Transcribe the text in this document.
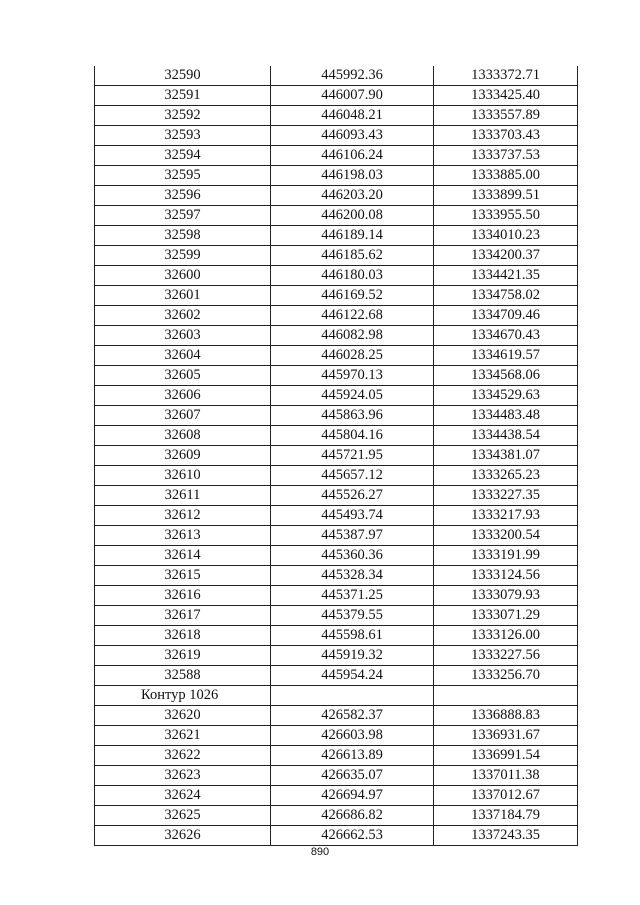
32590	445992.36	1333372.71
32591	446007.90	1333425.40
32592	446048.21	1333557.89
32593	446093.43	1333703.43
32594	446106.24	1333737.53
32595	446198.03	1333885.00
32596	446203.20	1333899.51
32597	446200.08	1333955.50
32598	446189.14	1334010.23
32599	446185.62	1334200.37
32600	446180.03	1334421.35
32601	446169.52	1334758.02
32602	446122.68	1334709.46
32603	446082.98	1334670.43
32604	446028.25	1334619.57
32605	445970.13	1334568.06
32606	445924.05	1334529.63
32607	445863.96	1334483.48
32608	445804.16	1334438.54
32609	445721.95	1334381.07
32610	445657.12	1333265.23
32611	445526.27	1333227.35
32612	445493.74	1333217.93
32613	445387.97	1333200.54
32614	445360.36	1333191.99
32615	445328.34	1333124.56
32616	445371.25	1333079.93
32617	445379.55	1333071.29
32618	445598.61	1333126.00
32619	445919.32	1333227.56
32588	445954.24	1333256.70
Контур 1026		
32620	426582.37	1336888.83
32621	426603.98	1336931.67
32622	426613.89	1336991.54
32623	426635.07	1337011.38
32624	426694.97	1337012.67
32625	426686.82	1337184.79
32626	426662.53	1337243.35
890
